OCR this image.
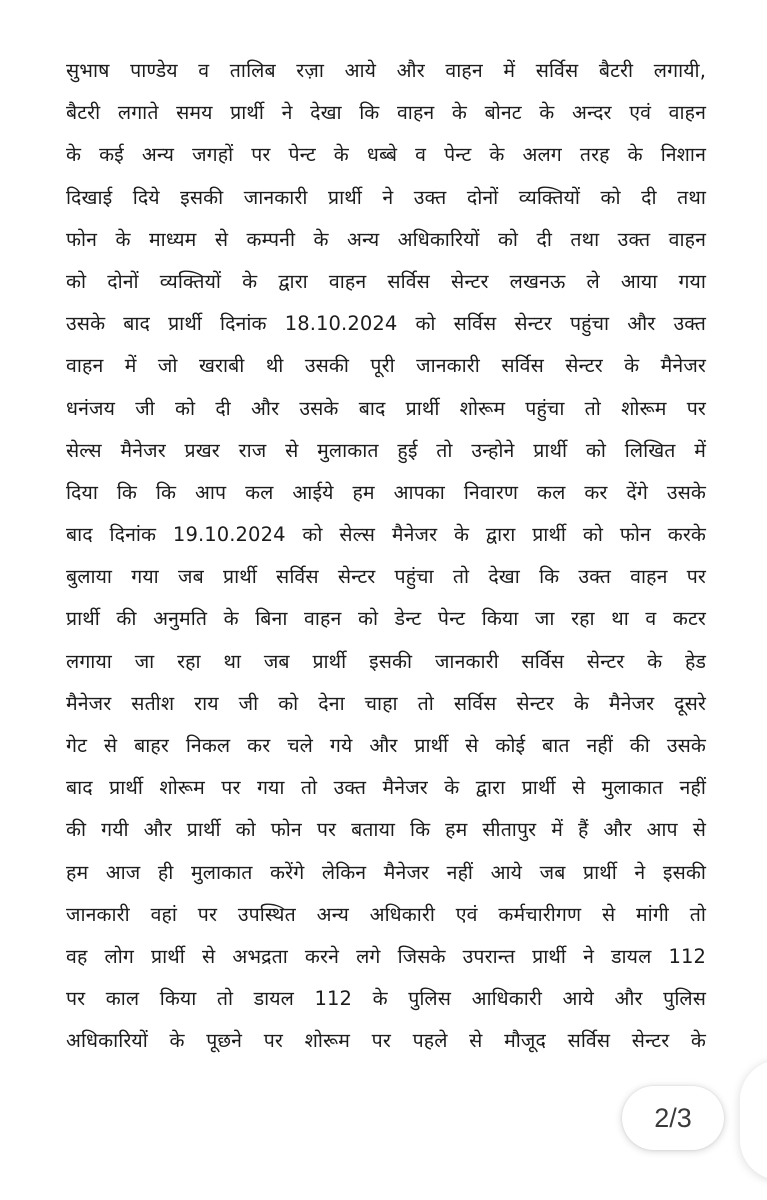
सुभाष पाण्डेय व तालिब रज़ा आये और वाहन में सर्विस बैटरी लगायी,
बैटरी लगाते समय प्रार्थी ने देखा कि वाहन के बोनट के अन्दर एवं वाहन
के कई अन्य जगहों पर पेन्ट के धब्बे व पेन्ट के अलग तरह के निशान
दिखाई दिये इसकी जानकारी प्रार्थी ने उक्त दोनों व्यक्तियों को दी तथा
फोन के माध्यम से कम्पनी के अन्य अधिकारियों को दी तथा उक्त वाहन
को दोनों व्यक्तियों के द्वारा वाहन सर्विस सेन्टर लखनऊ ले आया गया
उसके बाद प्रार्थी दिनांक 18.10.2024 को सर्विस सेन्टर पहुंचा और उक्त
वाहन में जो खराबी थी उसकी पूरी जानकारी सर्विस सेन्टर के मैनेजर
धनंजय जी को दी और उसके बाद प्रार्थी शोरूम पहुंचा तो शोरूम पर
सेल्स मैनेजर प्रखर राज से मुलाकात हुई तो उन्होने प्रार्थी को लिखित में
दिया कि कि आप कल आईये हम आपका निवारण कल कर देंगे उसके
बाद दिनांक 19.10.2024 को सेल्स मैनेजर के द्वारा प्रार्थी को फोन करके
बुलाया गया जब प्रार्थी सर्विस सेन्टर पहुंचा तो देखा कि उक्त वाहन पर
प्रार्थी की अनुमति के बिना वाहन को डेन्ट पेन्ट किया जा रहा था व कटर
लगाया जा रहा था जब प्रार्थी इसकी जानकारी सर्विस सेन्टर के हेड
मैनेजर सतीश राय जी को देना चाहा तो सर्विस सेन्टर के मैनेजर दूसरे
गेट से बाहर निकल कर चले गये और प्रार्थी से कोई बात नहीं की उसके
बाद प्रार्थी शोरूम पर गया तो उक्त मैनेजर के द्वारा प्रार्थी से मुलाकात नहीं
की गयी और प्रार्थी को फोन पर बताया कि हम सीतापुर में हैं और आप से
हम आज ही मुलाकात करेंगे लेकिन मैनेजर नहीं आये जब प्रार्थी ने इसकी
जानकारी वहां पर उपस्थित अन्य अधिकारी एवं कर्मचारीगण से मांगी तो
वह लोग प्रार्थी से अभद्रता करने लगे जिसके उपरान्त प्रार्थी ने डायल 112
पर काल किया तो डायल 112 के पुलिस आधिकारी आये और पुलिस
अधिकारियों के पूछने पर शोरूम पर पहले से मौजूद सर्विस सेन्टर के
2/3
